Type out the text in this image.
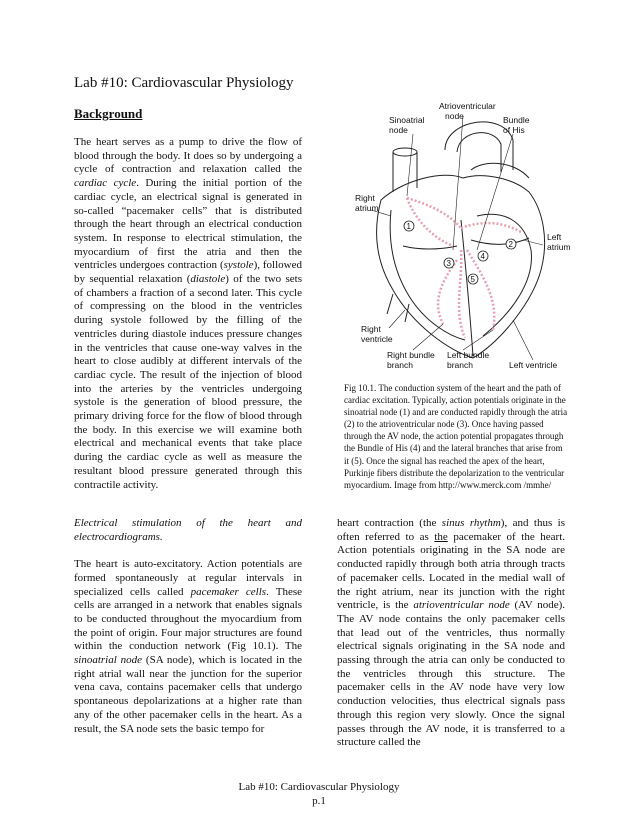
Lab #10: Cardiovascular Physiology
Background

The heart serves as a pump to drive the flow of blood through the body. It does so by undergoing a cycle of contraction and relaxation called the cardiac cycle. During the initial portion of the cardiac cycle, an electrical signal is generated in so-called “pacemaker cells” that is distributed through the heart through an electrical conduction system. In response to electrical stimulation, the myocardium of first the atria and then the ventricles undergoes contraction (systole), followed by sequential relaxation (diastole) of the two sets of chambers a fraction of a second later. This cycle of compressing on the blood in the ventricles during systole followed by the filling of the ventricles during diastole induces pressure changes in the ventricles that cause one-way valves in the heart to close audibly at different intervals of the cardiac cycle. The result of the injection of blood into the arteries by the ventricles undergoing systole is the generation of blood pressure, the primary driving force for the flow of blood through the body. In this exercise we will examine both electrical and mechanical events that take place during the cardiac cycle as well as measure the resultant blood pressure generated through this contractile activity.

Electrical stimulation of the heart and electrocardiograms.

The heart is auto-excitatory. Action potentials are formed spontaneously at regular intervals in specialized cells called pacemaker cells. These cells are arranged in a network that enables signals to be conducted throughout the myocardium from the point of origin. Four major structures are found within the conduction network (Fig 10.1). The sinoatrial node (SA node), which is located in the right atrial wall near the junction for the superior vena cava, contains pacemaker cells that undergo spontaneous depolarizations at a higher rate than any of the other pacemaker cells in the heart. As a result, the SA node sets the basic tempo for

heart contraction (the sinus rhythm), and thus is often referred to as the pacemaker of the heart. Action potentials originating in the SA node are conducted rapidly through both atria through tracts of pacemaker cells. Located in the medial wall of the right atrium, near its junction with the right ventricle, is the atrioventricular node (AV node). The AV node contains the only pacemaker cells that lead out of the ventricles, thus normally electrical signals originating in the SA node and passing through the atria can only be conducted to the ventricles through this structure. The pacemaker cells in the AV node have very low conduction velocities, thus electrical signals pass through this region very slowly. Once the signal passes through the AV node, it is transferred to a structure called the

1
2
3
4
5
Atrioventricular
node
Sinoatrial
node
Bundle
of His
Right
atrium
Left
atrium
Right
ventricle
Right bundle
branch
Left bundle
branch	Left ventricle
Fig 10.1. The conduction system of the heart and the path of cardiac excitation. Typically, action potentials originate in the sinoatrial node (1) and are conducted rapidly through the atria (2) to the atrioventricular node (3). Once having passed through the AV node, the action potential propagates through the Bundle of His (4) and the lateral branches that arise from it (5). Once the signal has reached the apex of the heart, Purkinje fibers distribute the depolarization to the ventricular myocardium. Image from http://www.merck.com /mmhe/
Lab #10: Cardiovascular Physiology
p.1
